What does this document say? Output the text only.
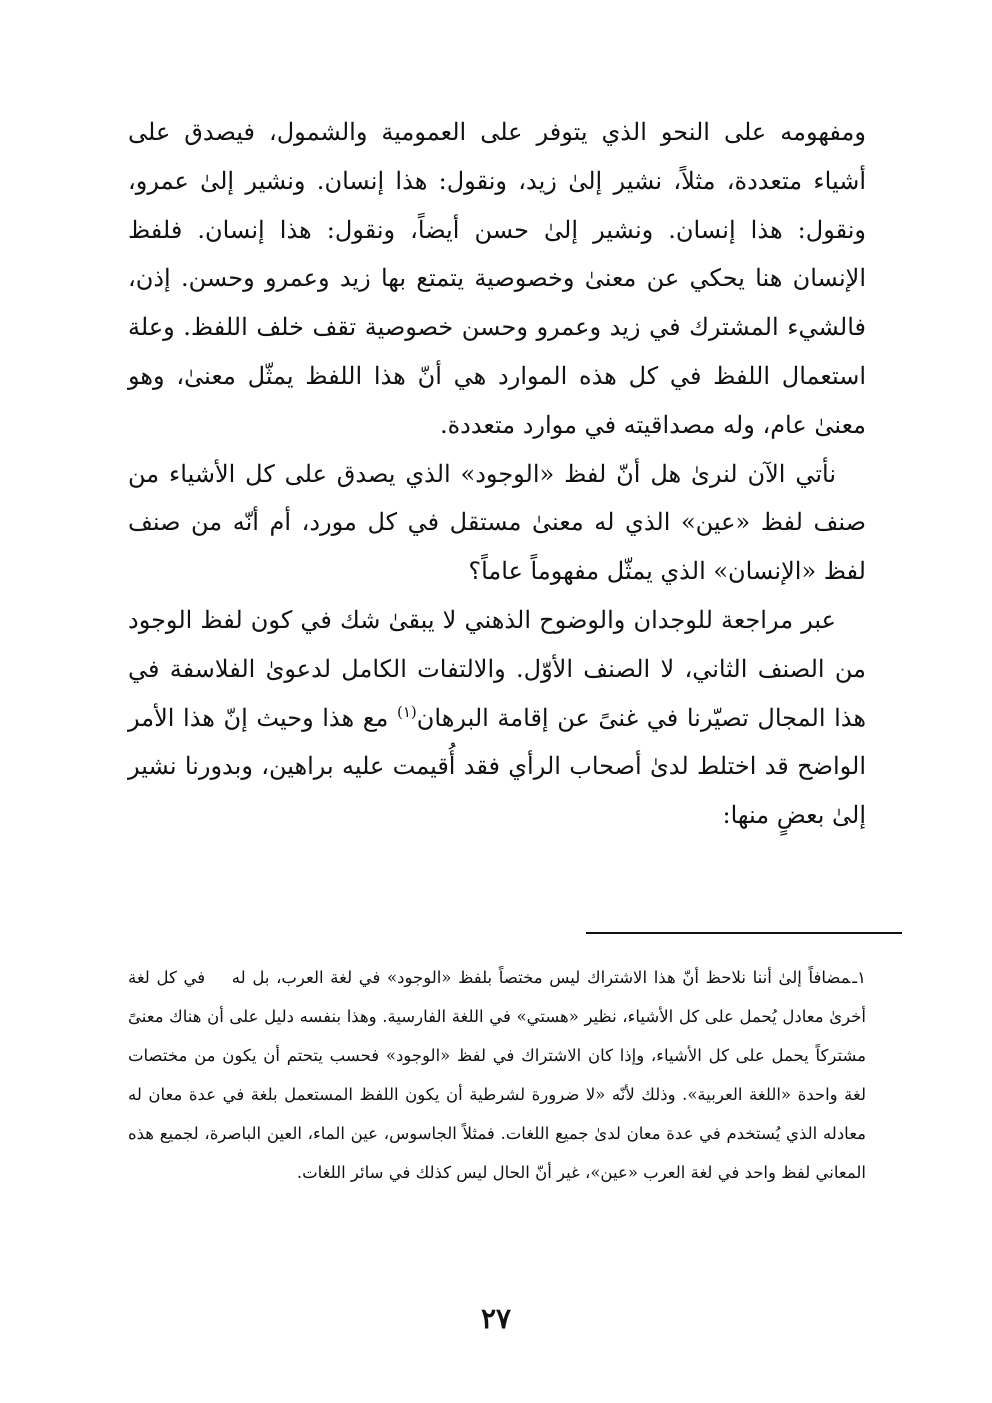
ومفهومه على النحو الذي يتوفر على العمومية والشمول، فيصدق على أشياء متعددة، مثلاً، نشير إلىٰ زيد، ونقول: هذا إنسان. ونشير إلىٰ عمرو، ونقول: هذا إنسان. ونشير إلىٰ حسن أيضاً، ونقول: هذا إنسان. فلفظ الإنسان هنا يحكي عن معنىٰ وخصوصية يتمتع بها زيد وعمرو وحسن. إذن، فالشيء المشترك في زيد وعمرو وحسن خصوصية تقف خلف اللفظ. وعلة استعمال اللفظ في كل هذه الموارد هي أنّ هذا اللفظ يمثّل معنىٰ، وهو معنىٰ عام، وله مصداقيته في موارد متعددة.

نأتي الآن لنرىٰ هل أنّ لفظ «الوجود» الذي يصدق على كل الأشياء من صنف لفظ «عين» الذي له معنىٰ مستقل في كل مورد، أم أنّه من صنف لفظ «الإنسان» الذي يمثّل مفهوماً عاماً؟

عبر مراجعة للوجدان والوضوح الذهني لا يبقىٰ شك في كون لفظ الوجود من الصنف الثاني، لا الصنف الأوّل. والالتفات الكامل لدعوىٰ الفلاسفة في هذا المجال تصيّرنا في غنىً عن إقامة البرهان$^{(١)}$ مع هذا وحيث إنّ هذا الأمر الواضح قد اختلط لدىٰ أصحاب الرأي فقد أُقيمت عليه براهين، وبدورنا نشير إلىٰ بعضٍ منها:

١ـمضافاً إلىٰ أننا نلاحظ أنّ هذا الاشتراك ليس مختصاً بلفظ «الوجود» في لغة العرب، بل له في كل لغة أخرىٰ معادل يُحمل على كل الأشياء، نظير «هستي» في اللغة الفارسية. وهذا بنفسه دليل على أن هناك معنىً مشتركاً يحمل على كل الأشياء، وإذا كان الاشتراك في لفظ «الوجود» فحسب يتحتم أن يكون من مختصات لغة واحدة «اللغة العربية». وذلك لأنّه «لا ضرورة لشرطية أن يكون اللفظ المستعمل بلغة في عدة معان له معادله الذي يُستخدم في عدة معان لدىٰ جميع اللغات. فمثلاً الجاسوس، عين الماء، العين الباصرة، لجميع هذه المعاني لفظ واحد في لغة العرب «عين»، غير أنّ الحال ليس كذلك في سائر اللغات.

٢٧
